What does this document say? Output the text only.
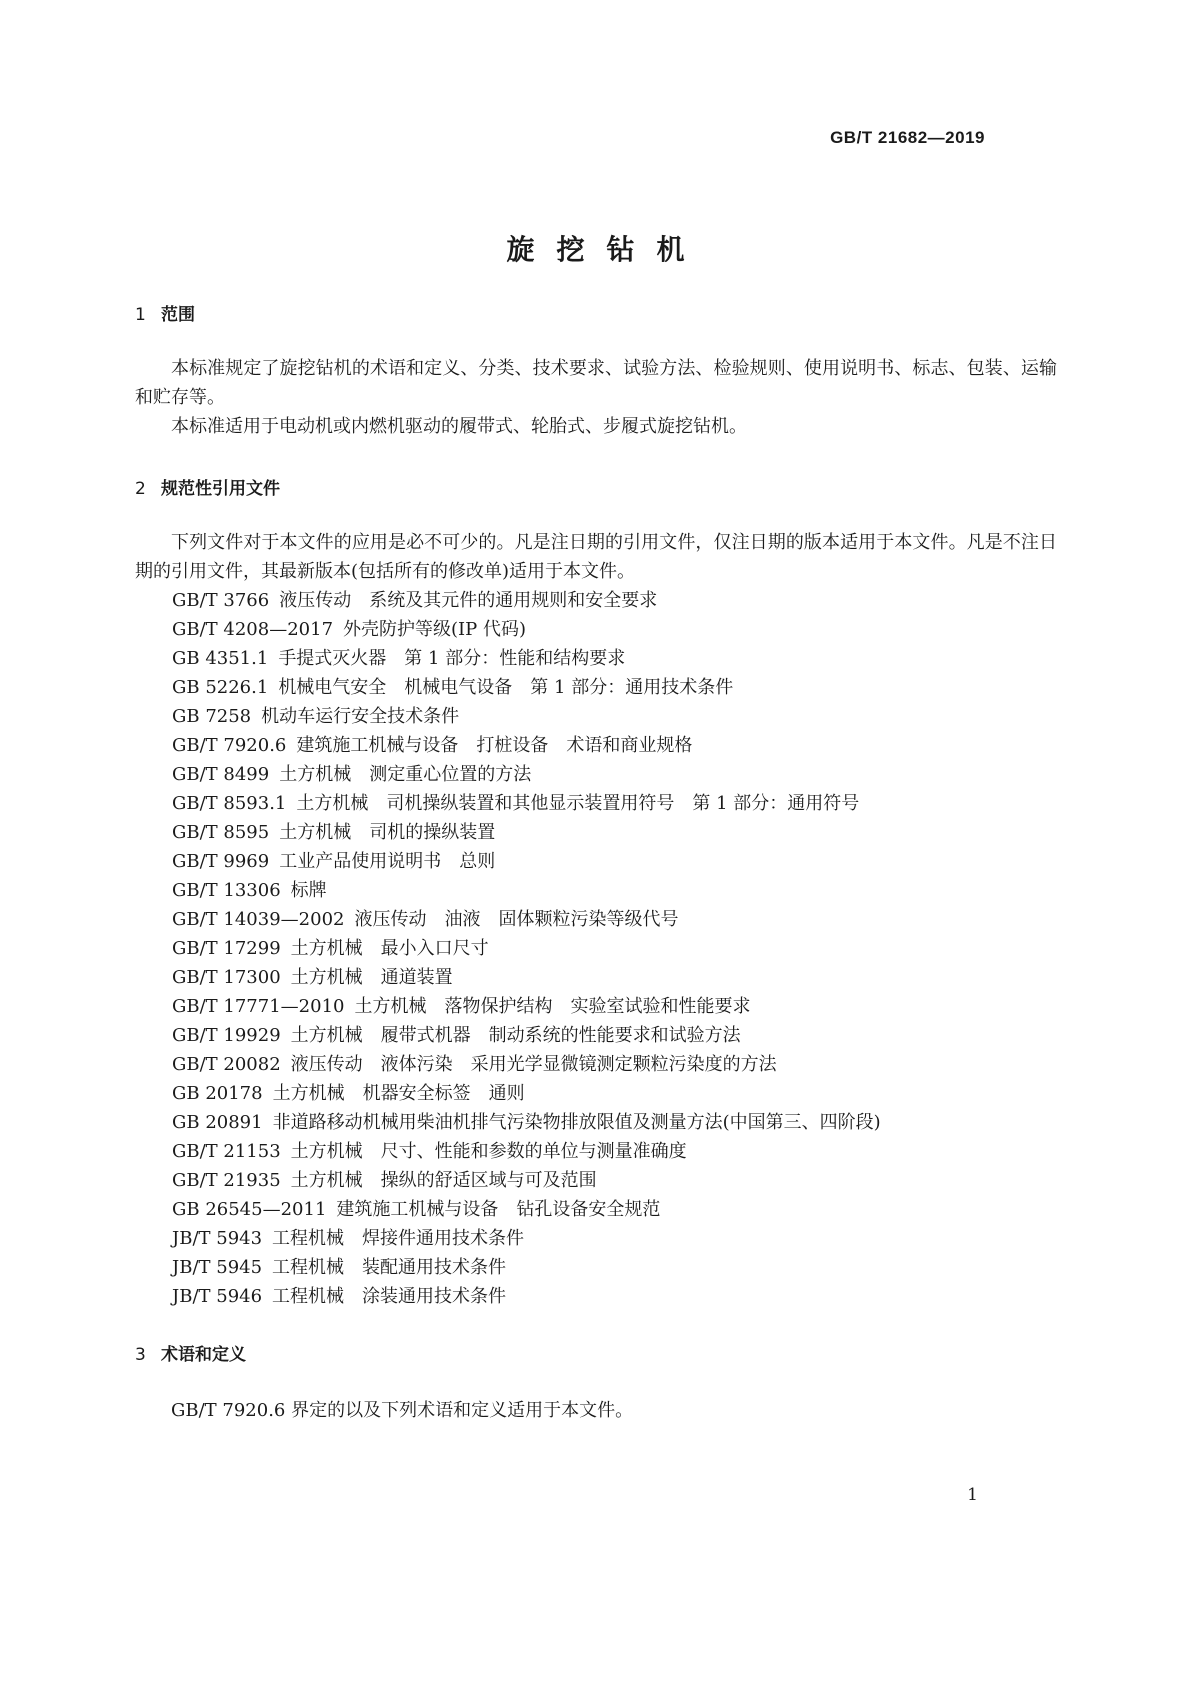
GB/T 21682—2019
旋挖钻机
1 范围

本标准规定了旋挖钻机的术语和定义、分类、技术要求、试验方法、检验规则、使用说明书、标志、包装、运输和贮存等。

本标准适用于电动机或内燃机驱动的履带式、轮胎式、步履式旋挖钻机。

2 规范性引用文件

下列文件对于本文件的应用是必不可少的。凡是注日期的引用文件，仅注日期的版本适用于本文件。凡是不注日期的引用文件，其最新版本(包括所有的修改单)适用于本文件。

GB/T 3766 液压传动　系统及其元件的通用规则和安全要求
GB/T 4208—2017 外壳防护等级(IP 代码)
GB 4351.1 手提式灭火器　第 1 部分：性能和结构要求
GB 5226.1 机械电气安全　机械电气设备　第 1 部分：通用技术条件
GB 7258 机动车运行安全技术条件
GB/T 7920.6 建筑施工机械与设备　打桩设备　术语和商业规格
GB/T 8499 土方机械　测定重心位置的方法
GB/T 8593.1 土方机械　司机操纵装置和其他显示装置用符号　第 1 部分：通用符号
GB/T 8595 土方机械　司机的操纵装置
GB/T 9969 工业产品使用说明书　总则
GB/T 13306 标牌
GB/T 14039—2002 液压传动　油液　固体颗粒污染等级代号
GB/T 17299 土方机械　最小入口尺寸
GB/T 17300 土方机械　通道装置
GB/T 17771—2010 土方机械　落物保护结构　实验室试验和性能要求
GB/T 19929 土方机械　履带式机器　制动系统的性能要求和试验方法
GB/T 20082 液压传动　液体污染　采用光学显微镜测定颗粒污染度的方法
GB 20178 土方机械　机器安全标签　通则
GB 20891 非道路移动机械用柴油机排气污染物排放限值及测量方法(中国第三、四阶段)
GB/T 21153 土方机械　尺寸、性能和参数的单位与测量准确度
GB/T 21935 土方机械　操纵的舒适区域与可及范围
GB 26545—2011 建筑施工机械与设备　钻孔设备安全规范
JB/T 5943 工程机械　焊接件通用技术条件
JB/T 5945 工程机械　装配通用技术条件
JB/T 5946 工程机械　涂装通用技术条件
3 术语和定义

GB/T 7920.6 界定的以及下列术语和定义适用于本文件。

1
